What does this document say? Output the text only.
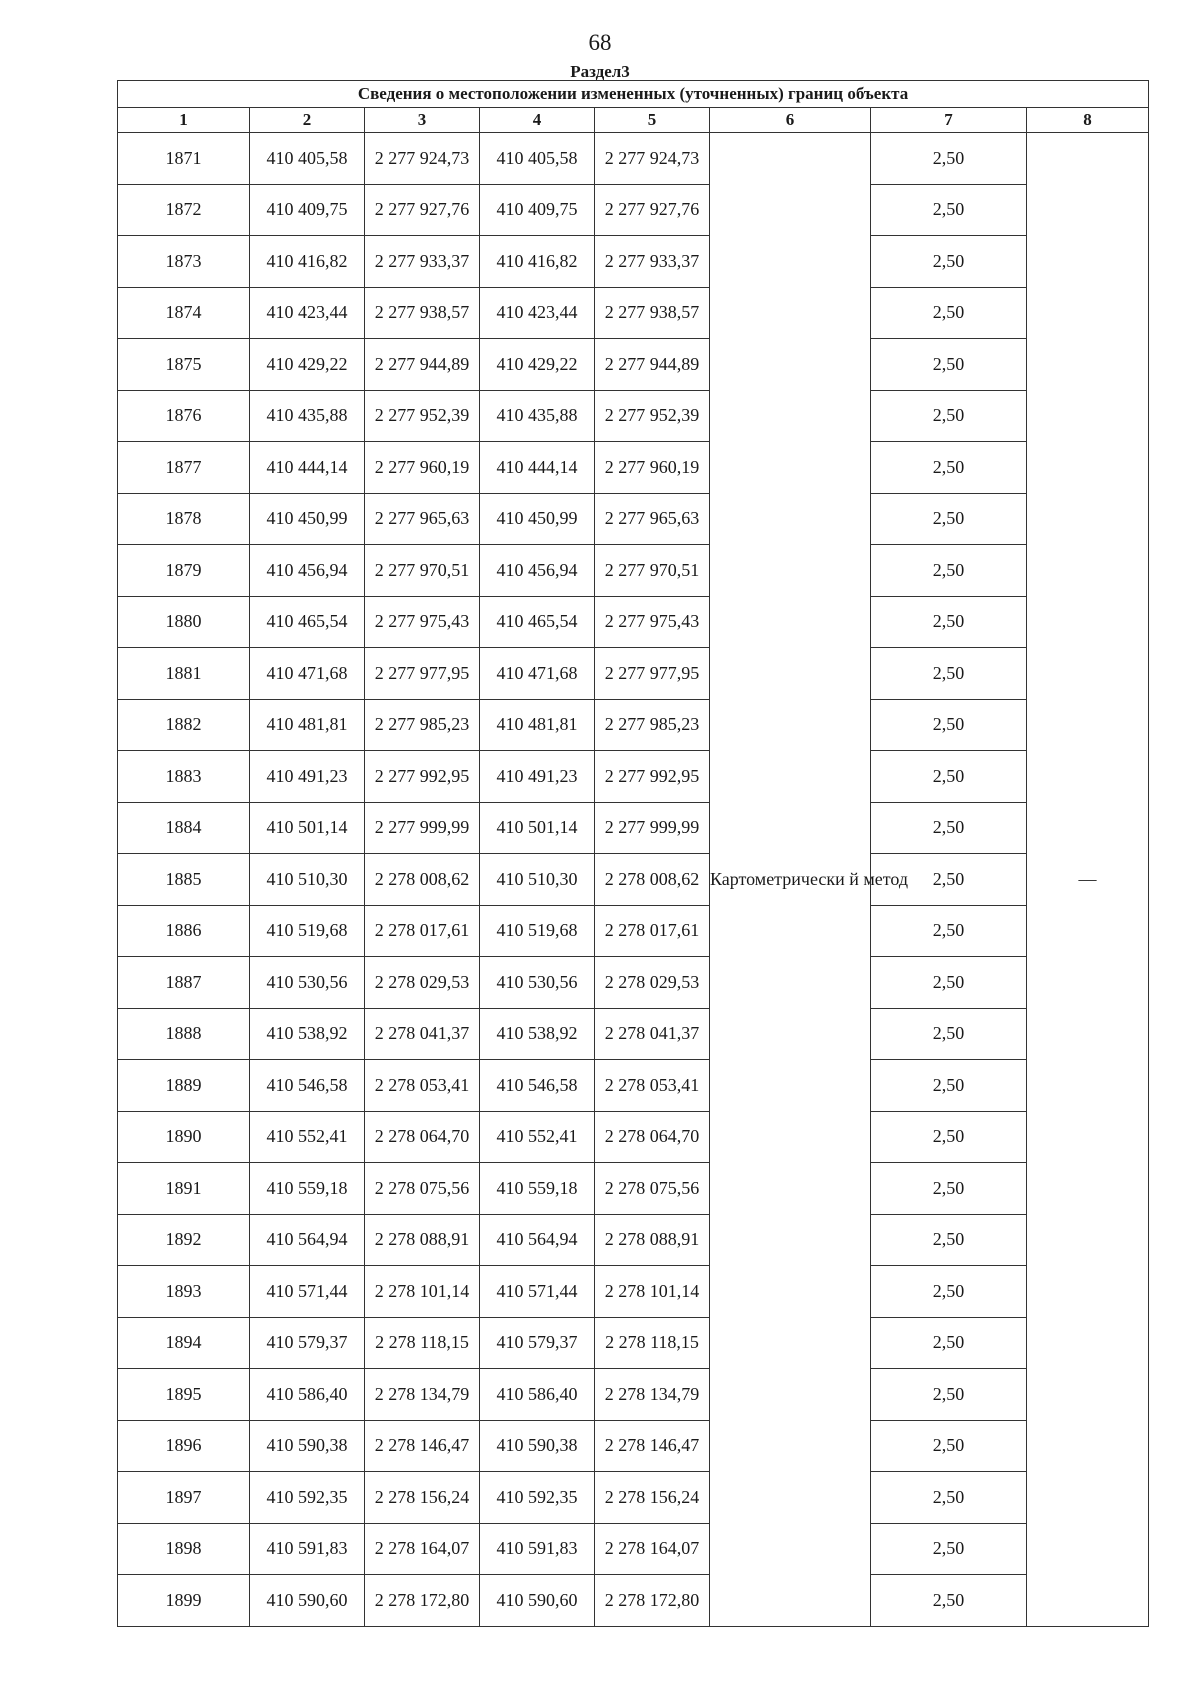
68
Раздел3
Сведения о местоположении измененных (уточненных) границ объекта							
1	2	3	4	5	6	7	8
1871	410 405,58	2 277 924,73	410 405,58	2 277 924,73	Картометрически й метод	2,50	—
1872	410 409,75	2 277 927,76	410 409,75	2 277 927,76		2,50	
1873	410 416,82	2 277 933,37	410 416,82	2 277 933,37		2,50	
1874	410 423,44	2 277 938,57	410 423,44	2 277 938,57		2,50	
1875	410 429,22	2 277 944,89	410 429,22	2 277 944,89		2,50	
1876	410 435,88	2 277 952,39	410 435,88	2 277 952,39		2,50	
1877	410 444,14	2 277 960,19	410 444,14	2 277 960,19		2,50	
1878	410 450,99	2 277 965,63	410 450,99	2 277 965,63		2,50	
1879	410 456,94	2 277 970,51	410 456,94	2 277 970,51		2,50	
1880	410 465,54	2 277 975,43	410 465,54	2 277 975,43		2,50	
1881	410 471,68	2 277 977,95	410 471,68	2 277 977,95		2,50	
1882	410 481,81	2 277 985,23	410 481,81	2 277 985,23		2,50	
1883	410 491,23	2 277 992,95	410 491,23	2 277 992,95		2,50	
1884	410 501,14	2 277 999,99	410 501,14	2 277 999,99		2,50	
1885	410 510,30	2 278 008,62	410 510,30	2 278 008,62		2,50	
1886	410 519,68	2 278 017,61	410 519,68	2 278 017,61		2,50	
1887	410 530,56	2 278 029,53	410 530,56	2 278 029,53		2,50	
1888	410 538,92	2 278 041,37	410 538,92	2 278 041,37		2,50	
1889	410 546,58	2 278 053,41	410 546,58	2 278 053,41		2,50	
1890	410 552,41	2 278 064,70	410 552,41	2 278 064,70		2,50	
1891	410 559,18	2 278 075,56	410 559,18	2 278 075,56		2,50	
1892	410 564,94	2 278 088,91	410 564,94	2 278 088,91		2,50	
1893	410 571,44	2 278 101,14	410 571,44	2 278 101,14		2,50	
1894	410 579,37	2 278 118,15	410 579,37	2 278 118,15		2,50	
1895	410 586,40	2 278 134,79	410 586,40	2 278 134,79		2,50	
1896	410 590,38	2 278 146,47	410 590,38	2 278 146,47		2,50	
1897	410 592,35	2 278 156,24	410 592,35	2 278 156,24		2,50	
1898	410 591,83	2 278 164,07	410 591,83	2 278 164,07		2,50	
1899	410 590,60	2 278 172,80	410 590,60	2 278 172,80		2,50	
